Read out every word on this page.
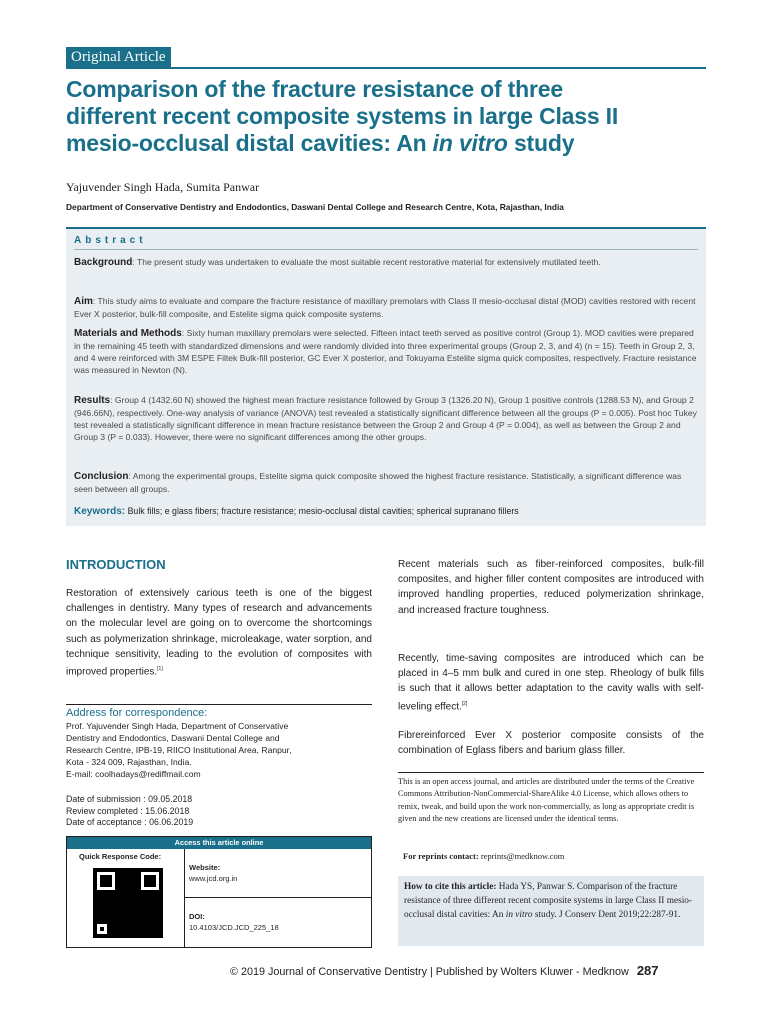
Original Article
Comparison of the fracture resistance of three
different recent composite systems in large Class II
mesio-occlusal distal cavities: An in vitro study
Yajuvender Singh Hada, Sumita Panwar
Department of Conservative Dentistry and Endodontics, Daswani Dental College and Research Centre, Kota, Rajasthan, India
Abstract

Background: The present study was undertaken to evaluate the most suitable recent restorative material for extensively mutilated teeth.

Aim: This study aims to evaluate and compare the fracture resistance of maxillary premolars with Class II mesio-occlusal distal (MOD) cavities restored with recent Ever X posterior, bulk-fill composite, and Estelite sigma quick composite systems.

Materials and Methods: Sixty human maxillary premolars were selected. Fifteen intact teeth served as positive control (Group 1). MOD cavities were prepared in the remaining 45 teeth with standardized dimensions and were randomly divided into three experimental groups (Group 2, 3, and 4) (n = 15). Teeth in Group 2, 3, and 4 were reinforced with 3M ESPE Filtek Bulk-fill posterior, GC Ever X posterior, and Tokuyama Estelite sigma quick composites, respectively. Fracture resistance was measured in Newton (N).

Results: Group 4 (1432.60 N) showed the highest mean fracture resistance followed by Group 3 (1326.20 N), Group 1 positive controls (1288.53 N), and Group 2 (946.66N), respectively. One-way analysis of variance (ANOVA) test revealed a statistically significant difference between all the groups (P = 0.005). Post hoc Tukey test revealed a statistically significant difference in mean fracture resistance between the Group 2 and Group 4 (P = 0.004), as well as between the Group 2 and Group 3 (P = 0.033). However, there were no significant differences among the other groups.

Conclusion: Among the experimental groups, Estelite sigma quick composite showed the highest fracture resistance. Statistically, a significant difference was seen between all groups.

Keywords: Bulk fills; e glass fibers; fracture resistance; mesio-occlusal distal cavities; spherical supranano fillers

INTRODUCTION

Restoration of extensively carious teeth is one of the biggest challenges in dentistry. Many types of research and advancements on the molecular level are going on to overcome the shortcomings such as polymerization shrinkage, microleakage, water sorption, and technique sensitivity, leading to the evolution of composites with improved properties.[1]

Recent materials such as fiber-reinforced composites, bulk-fill composites, and higher filler content composites are introduced with improved handling properties, reduced polymerization shrinkage, and increased fracture toughness.

Recently, time-saving composites are introduced which can be placed in 4–5 mm bulk and cured in one step. Rheology of bulk fills is such that it allows better adaptation to the cavity walls with self-leveling effect.[2]

Fibrereinforced Ever X posterior composite consists of the combination of Eglass fibers and barium glass filler.

Address for correspondence:
Prof. Yajuvender Singh Hada, Department of Conservative
Dentistry and Endodontics, Daswani Dental College and
Research Centre, IPB-19, RIICO Institutional Area, Ranpur,
Kota - 324 009, Rajasthan, India.
E-mail: coolhadays@rediffmail.com
Date of submission : 09.05.2018
Review completed : 15.06.2018
Date of acceptance : 06.06.2019
Access this article online
Quick Response Code:
Website:
www.jcd.org.in
DOI:
10.4103/JCD.JCD_225_18

This is an open access journal, and articles are distributed under the terms of the Creative Commons Attribution-NonCommercial-ShareAlike 4.0 License, which allows others to remix, tweak, and build upon the work non-commercially, as long as appropriate credit is given and the new creations are licensed under the identical terms.

For reprints contact: reprints@medknow.com
How to cite this article: Hada YS, Panwar S. Comparison of the fracture resistance of three different recent composite systems in large Class II mesio-occlusal distal cavities: An in vitro study. J Conserv Dent 2019;22:287-91.
© 2019 Journal of Conservative Dentistry | Published by Wolters Kluwer - Medknow 287
